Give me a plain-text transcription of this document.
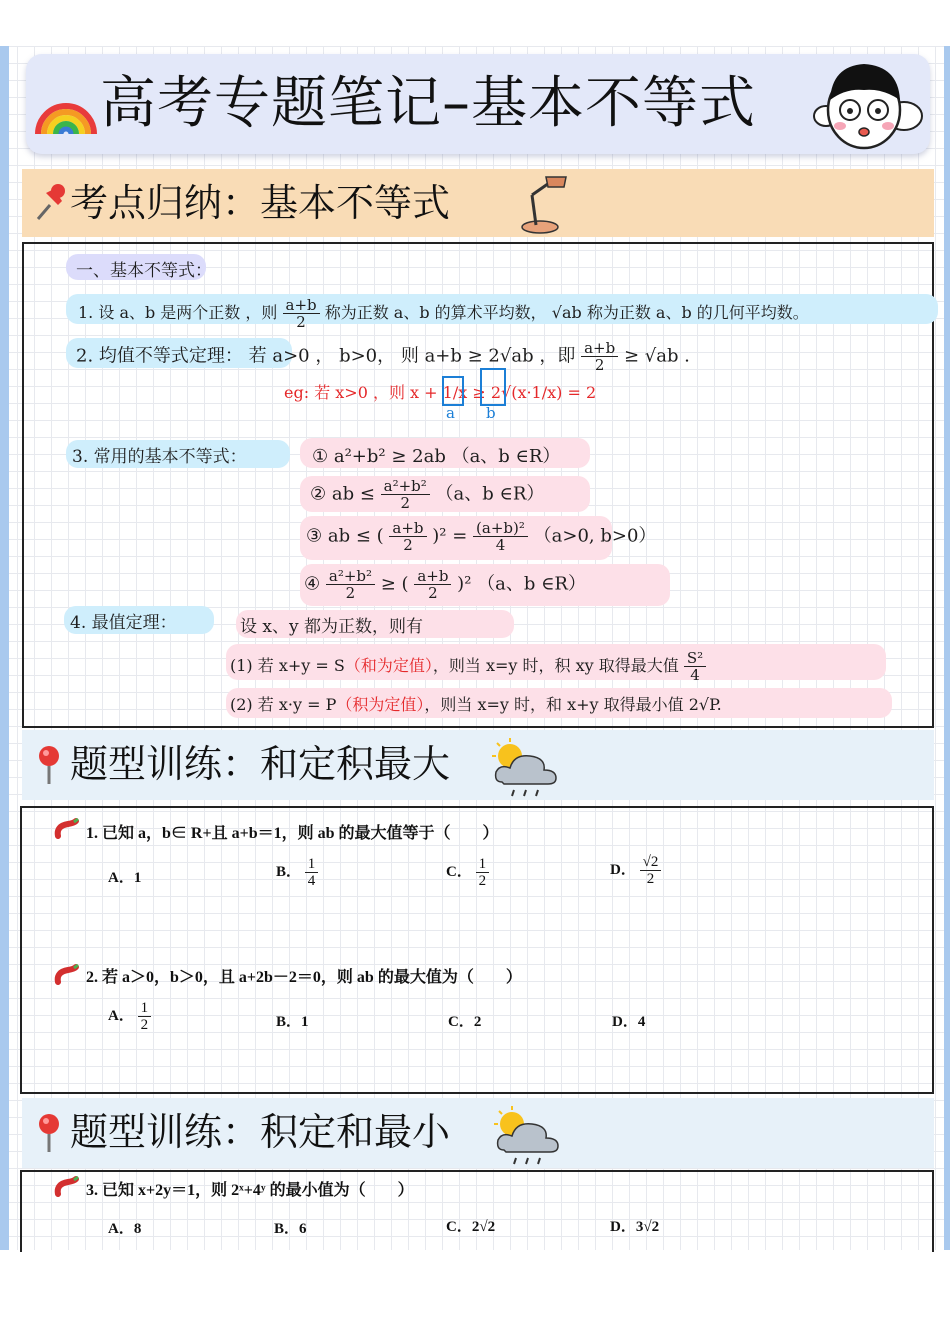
高考专题笔记–基本不等式
考点归纳：基本不等式
一、基本不等式：
1. 设 a、b 是两个正数 ，则 $\frac{a+b}{2}$ 称为正数 a、b 的算术平均数， √ab 称为正数 a、b 的几何平均数。
2. 均值不等式定理： 若 a>0 ， b>0， 则 a+b ≥ 2√ab ，即 $\frac{a+b}{2} \ge √ab$ .
eg: 若 x>0 ，则 x + 1/x ≥ 2√(x·1/x) = 2
a b
3. 常用的基本不等式：	① a²+b² ≥ 2ab （a、b ∈R）
② ab ≤ $\frac{\text{a²+b²}}{2} (a$、b ∈R）
③ ab ≤ ( $\frac{a+b}{2} )^2 = \frac{\text{(a+b)²}}{4} (a>0$, b>0）
④ $\frac{\text{a²+b²}}{2}$ ≥ ( $\frac{a+b}{2} )^2$ （a、b ∈R）
4. 最值定理：	设 x、y 都为正数，则有
(1) 若 x+y = S（和为定值），则当 x=y 时，积 xy 取得最大值 $\frac{\text{S²}}{4}$
(2) 若 x·y = P（积为定值），则当 x=y 时，和 x+y 取得最小值 2√P.
题型训练：和定积最大
1. 已知 a，b∈ R+且 a+b＝1，则 ab 的最大值等于（　　）
A．1	B． $\frac{1}{4}$	C． $\frac{1}{2}$	D． $\frac{√2}{2}$
2. 若 a＞0，b＞0，且 a+2b－2＝0，则 ab 的最大值为（　　）
A． $\frac{1}{2}$	B．1	C．2	D．4
题型训练：积定和最小
3. 已知 x+2y＝1，则 2ˣ+4ʸ 的最小值为（　　）
A．8	B．6	C．2√2	D．3√2
